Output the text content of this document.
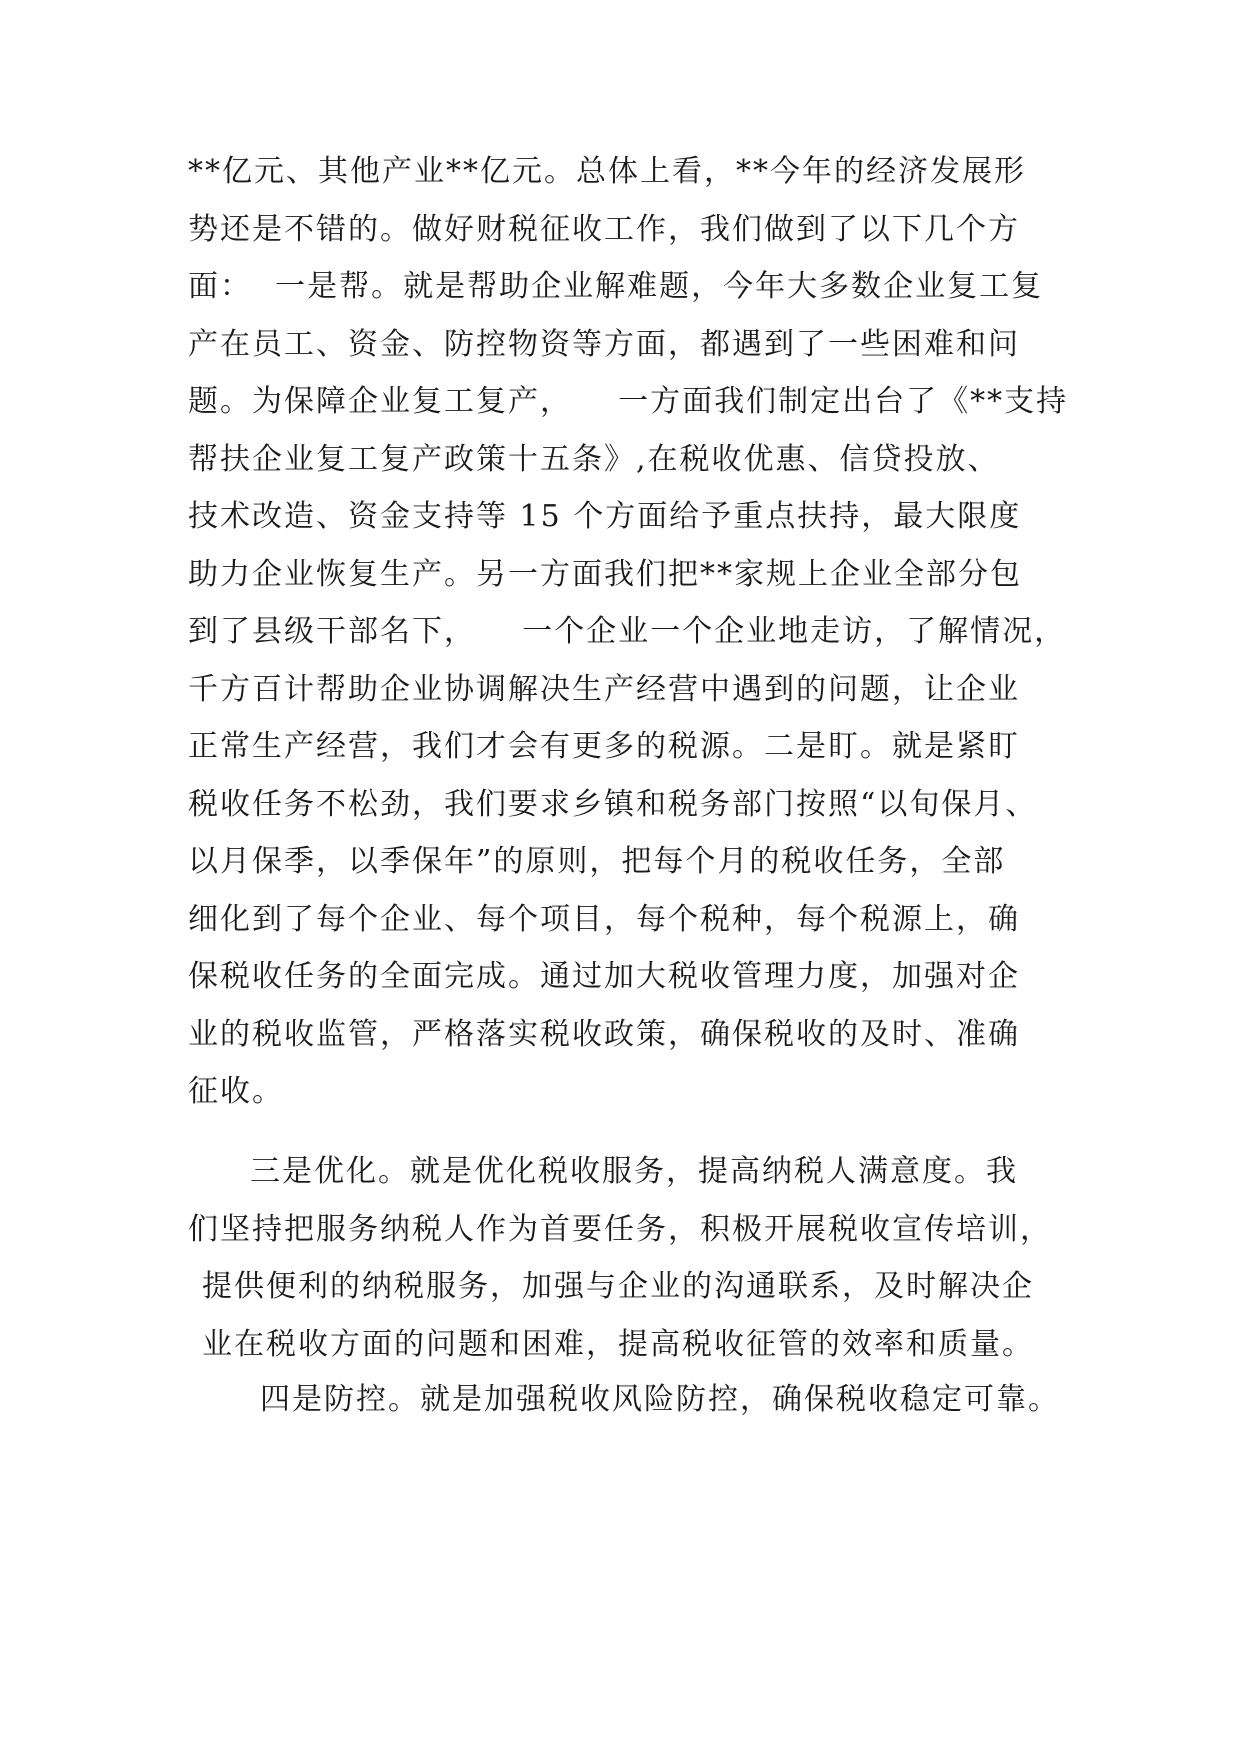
**亿元、其他产业**亿元。总体上看，**今年的经济发展形
势还是不错的。做好财税征收工作，我们做到了以下几个方
面：  一是帮。就是帮助企业解难题，今年大多数企业复工复
产在员工、资金、防控物资等方面，都遇到了一些困难和问
题。为保障企业复工复产，    一方面我们制定出台了《**支持
帮扶企业复工复产政策十五条》,在税收优惠、信贷投放、
技术改造、资金支持等 15 个方面给予重点扶持，最大限度
助力企业恢复生产。另一方面我们把**家规上企业全部分包
到了县级干部名下，    一个企业一个企业地走访，了解情况，
千方百计帮助企业协调解决生产经营中遇到的问题，让企业
正常生产经营，我们才会有更多的税源。二是盯。就是紧盯
税收任务不松劲，我们要求乡镇和税务部门按照“以旬保月、
以月保季，以季保年”的原则，把每个月的税收任务，全部
细化到了每个企业、每个项目，每个税种，每个税源上，确
保税收任务的全面完成。通过加大税收管理力度，加强对企
业的税收监管，严格落实税收政策，确保税收的及时、准确
征收。
三是优化。就是优化税收服务，提高纳税人满意度。我
们坚持把服务纳税人作为首要任务，积极开展税收宣传培训，
提供便利的纳税服务，加强与企业的沟通联系，及时解决企
业在税收方面的问题和困难，提高税收征管的效率和质量。
四是防控。就是加强税收风险防控，确保税收稳定可靠。
